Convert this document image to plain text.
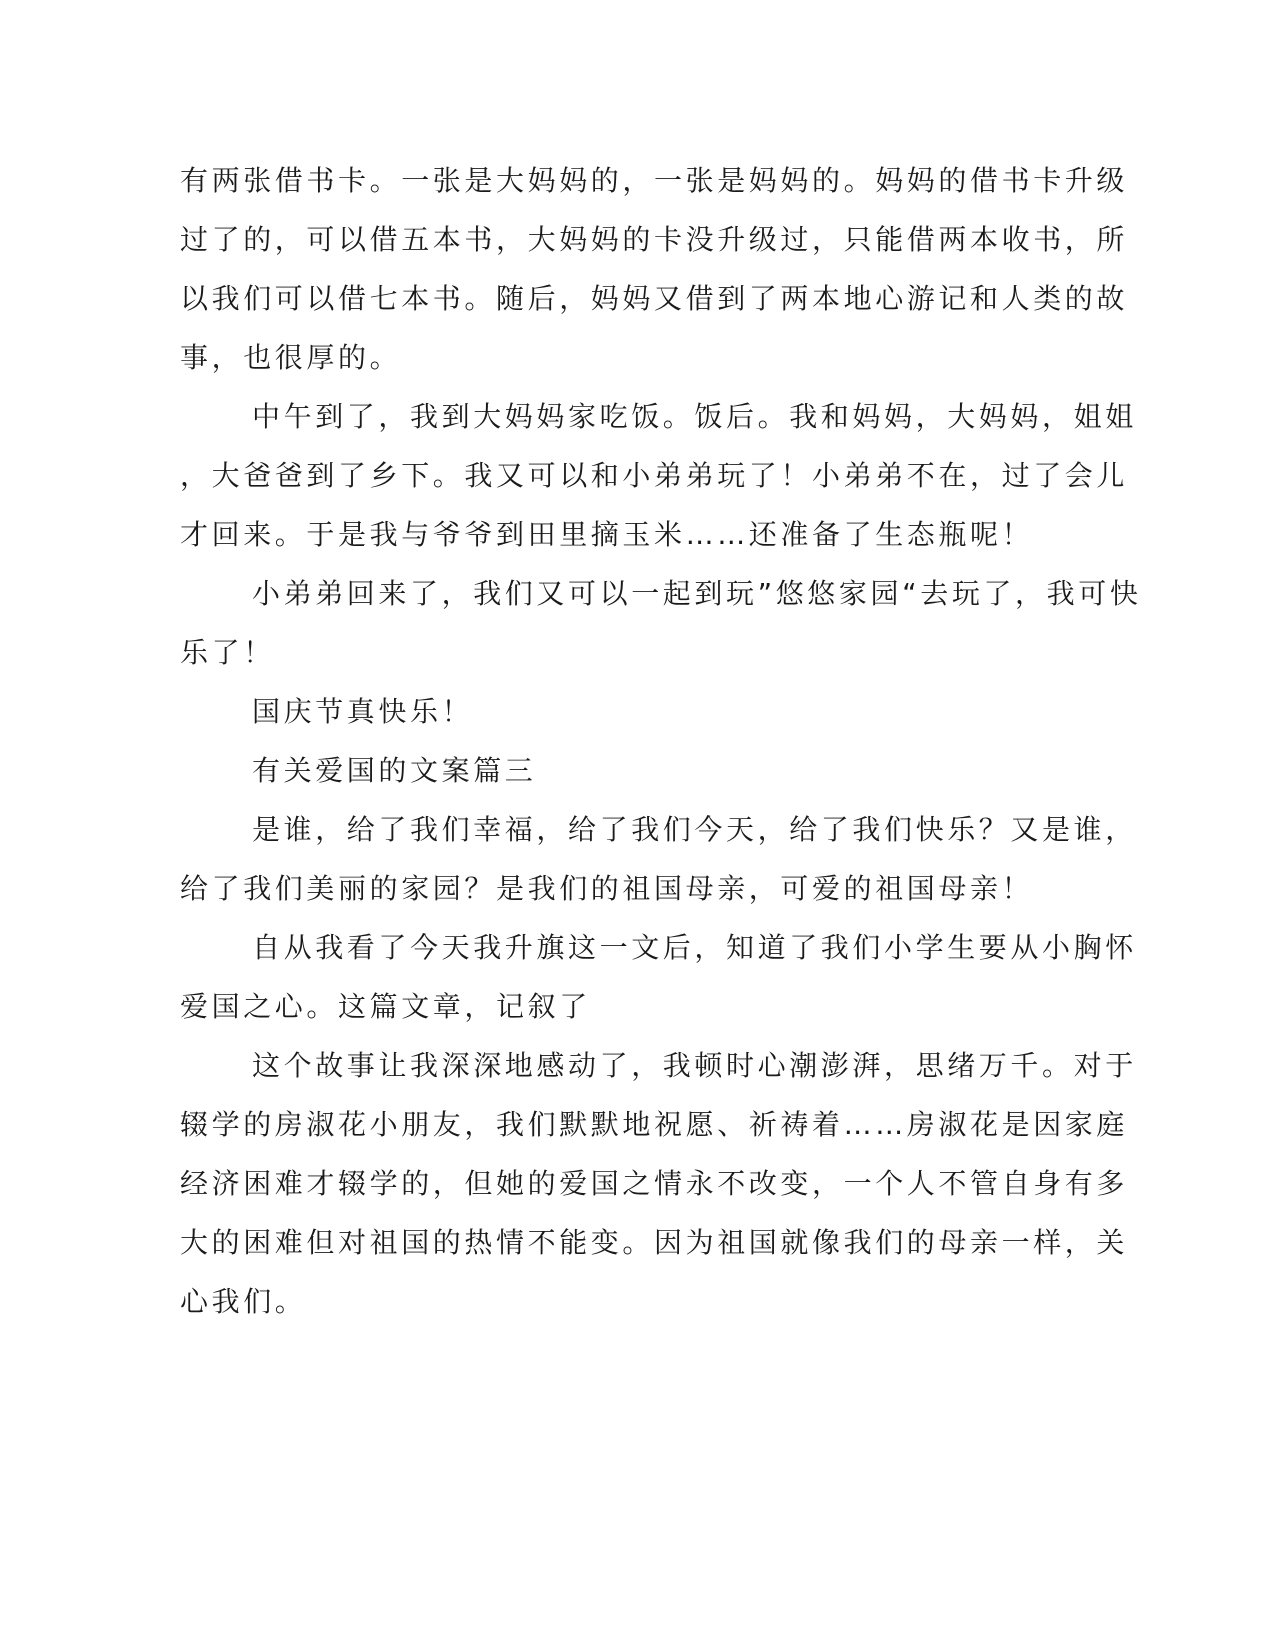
有两张借书卡。一张是大妈妈的，一张是妈妈的。妈妈的借书卡升级
过了的，可以借五本书，大妈妈的卡没升级过，只能借两本收书，所
以我们可以借七本书。随后，妈妈又借到了两本地心游记和人类的故
事，也很厚的。
中午到了，我到大妈妈家吃饭。饭后。我和妈妈，大妈妈，姐姐
，大爸爸到了乡下。我又可以和小弟弟玩了！小弟弟不在，过了会儿
才回来。于是我与爷爷到田里摘玉米……还准备了生态瓶呢！
小弟弟回来了，我们又可以一起到玩”悠悠家园“去玩了，我可快
乐了！
国庆节真快乐！
有关爱国的文案篇三
是谁，给了我们幸福，给了我们今天，给了我们快乐？又是谁，
给了我们美丽的家园？是我们的祖国母亲，可爱的祖国母亲！
自从我看了今天我升旗这一文后，知道了我们小学生要从小胸怀
爱国之心。这篇文章，记叙了
这个故事让我深深地感动了，我顿时心潮澎湃，思绪万千。对于
辍学的房淑花小朋友，我们默默地祝愿、祈祷着……房淑花是因家庭
经济困难才辍学的，但她的爱国之情永不改变，一个人不管自身有多
大的困难但对祖国的热情不能变。因为祖国就像我们的母亲一样，关
心我们。
